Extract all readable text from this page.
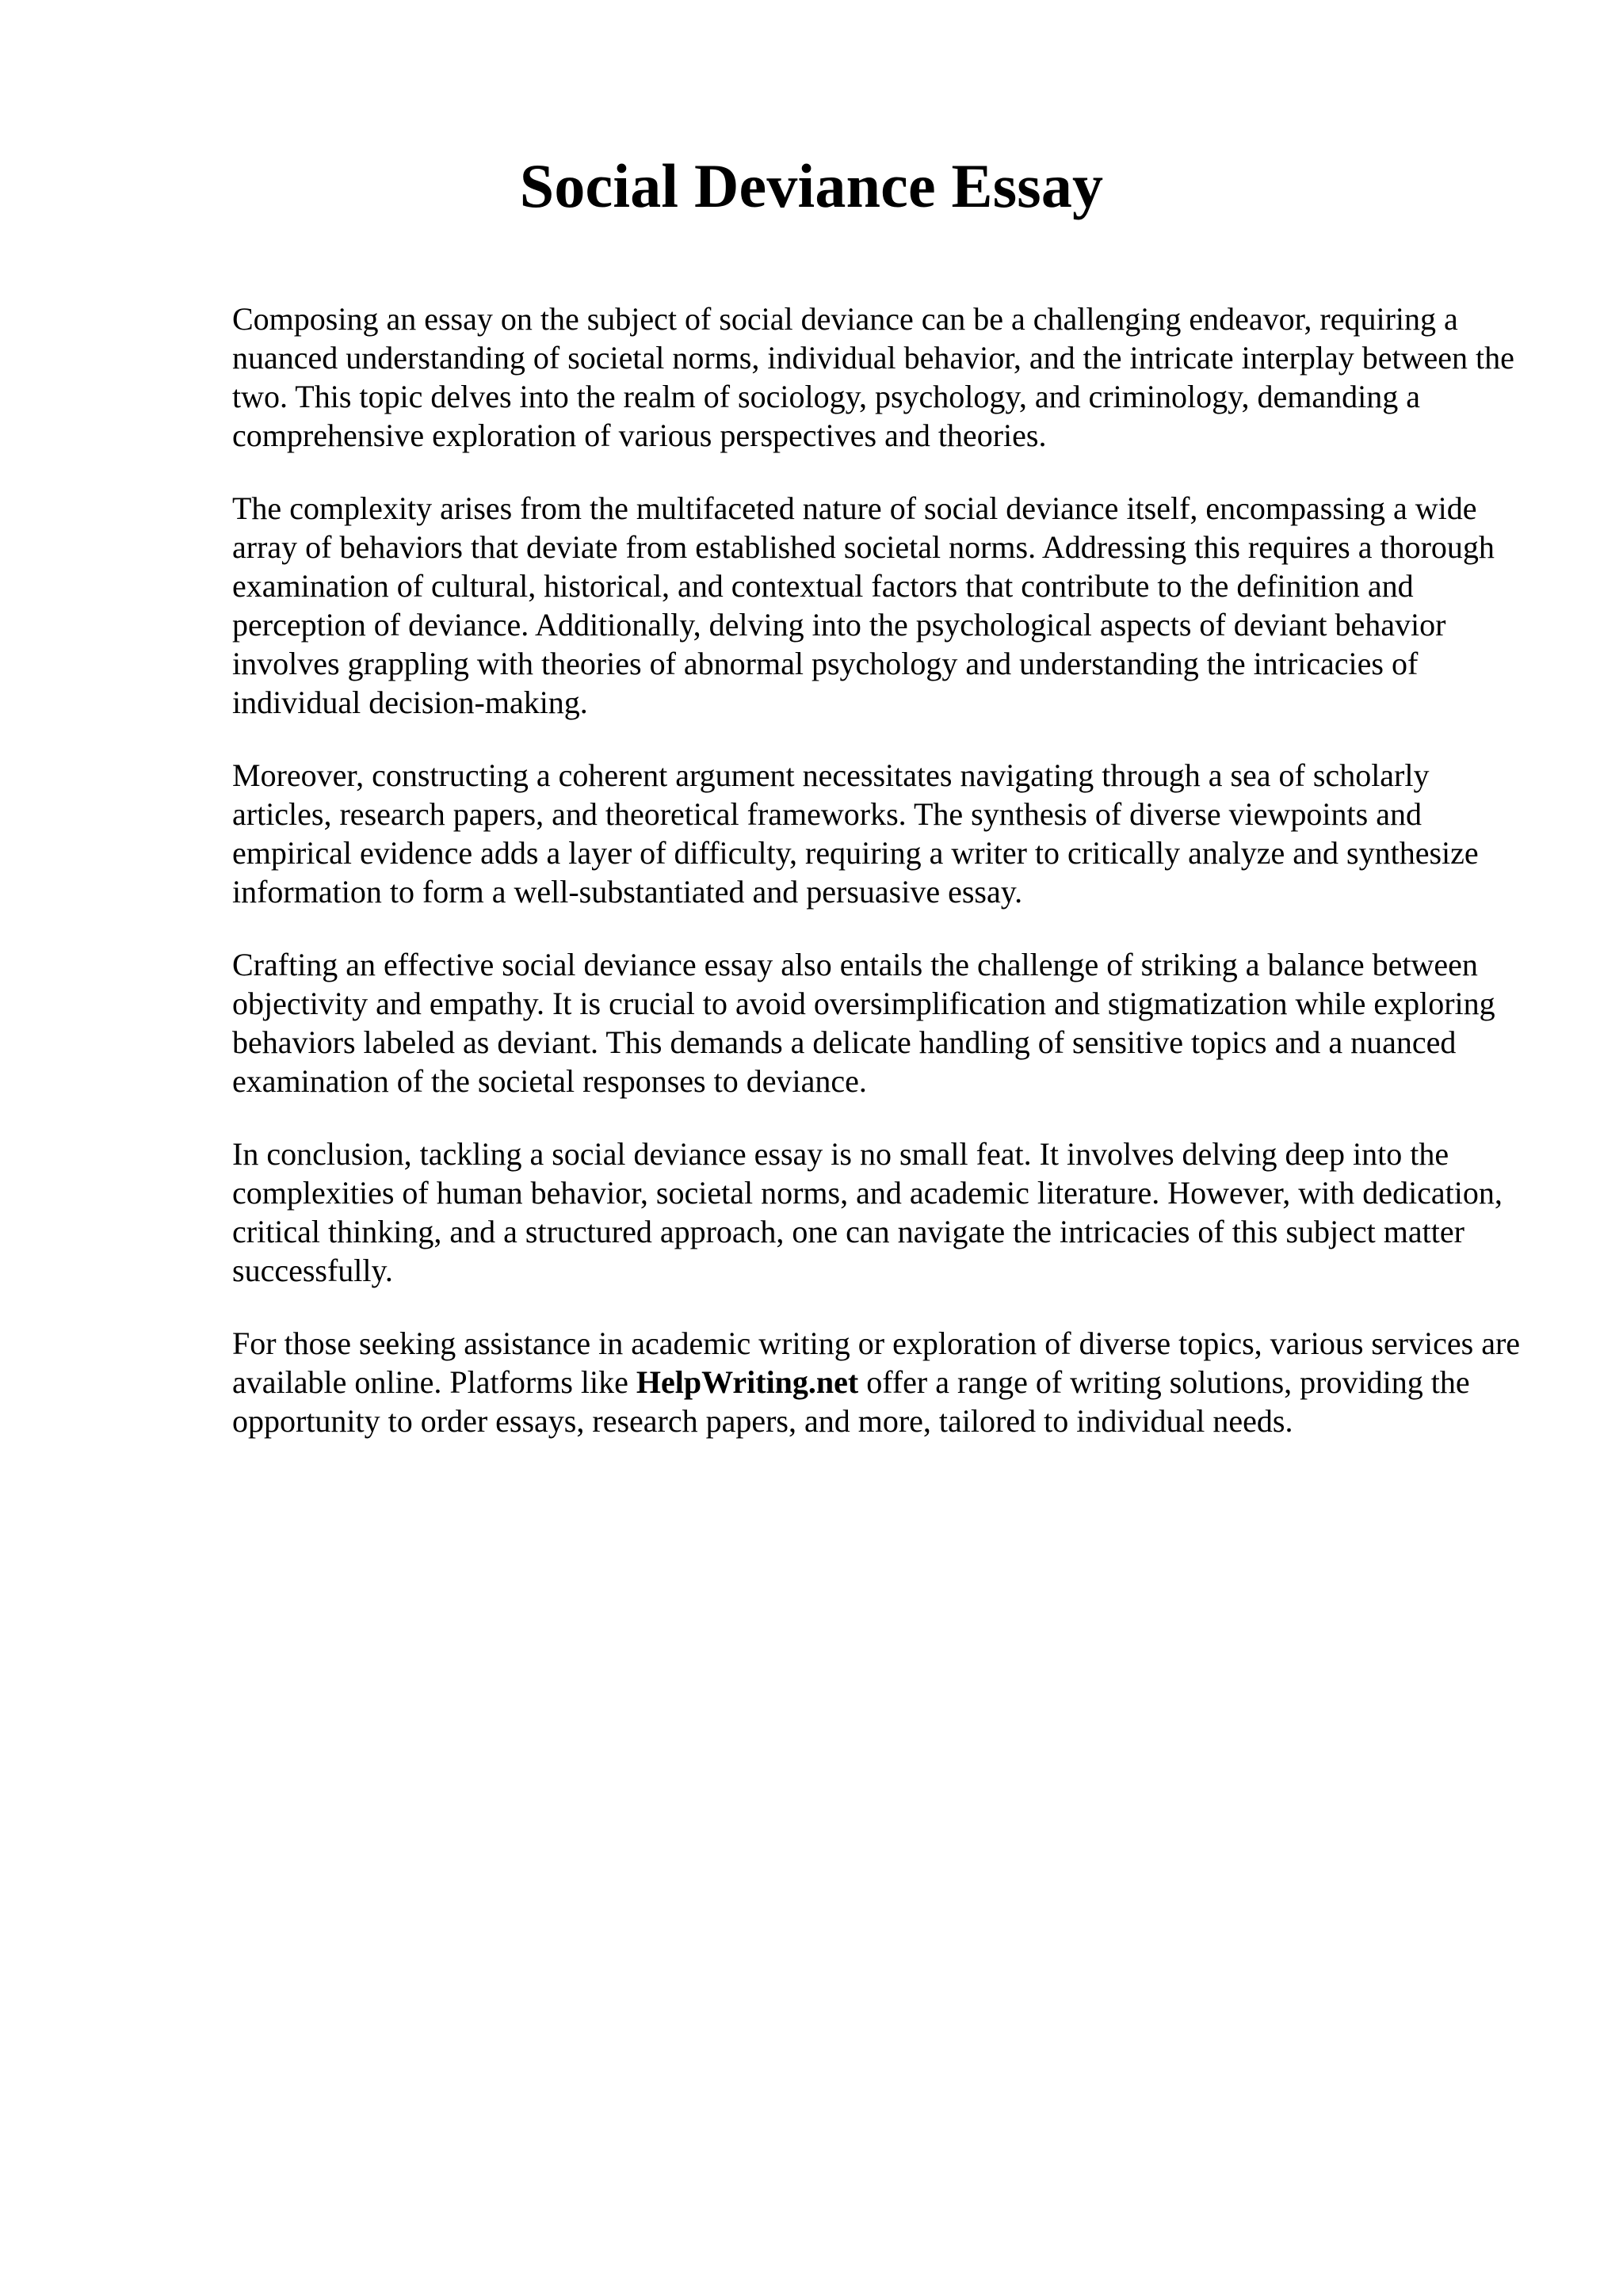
Social Deviance Essay

Composing an essay on the subject of social deviance can be a challenging endeavor, requiring a nuanced understanding of societal norms, individual behavior, and the intricate interplay between the two. This topic delves into the realm of sociology, psychology, and criminology, demanding a comprehensive exploration of various perspectives and theories.

The complexity arises from the multifaceted nature of social deviance itself, encompassing a wide array of behaviors that deviate from established societal norms. Addressing this requires a thorough examination of cultural, historical, and contextual factors that contribute to the definition and perception of deviance. Additionally, delving into the psychological aspects of deviant behavior involves grappling with theories of abnormal psychology and understanding the intricacies of individual decision-making.

Moreover, constructing a coherent argument necessitates navigating through a sea of scholarly articles, research papers, and theoretical frameworks. The synthesis of diverse viewpoints and empirical evidence adds a layer of difficulty, requiring a writer to critically analyze and synthesize information to form a well-substantiated and persuasive essay.

Crafting an effective social deviance essay also entails the challenge of striking a balance between objectivity and empathy. It is crucial to avoid oversimplification and stigmatization while exploring behaviors labeled as deviant. This demands a delicate handling of sensitive topics and a nuanced examination of the societal responses to deviance.

In conclusion, tackling a social deviance essay is no small feat. It involves delving deep into the complexities of human behavior, societal norms, and academic literature. However, with dedication, critical thinking, and a structured approach, one can navigate the intricacies of this subject matter successfully.

For those seeking assistance in academic writing or exploration of diverse topics, various services are available online. Platforms like HelpWriting.net offer a range of writing solutions, providing the opportunity to order essays, research papers, and more, tailored to individual needs.
